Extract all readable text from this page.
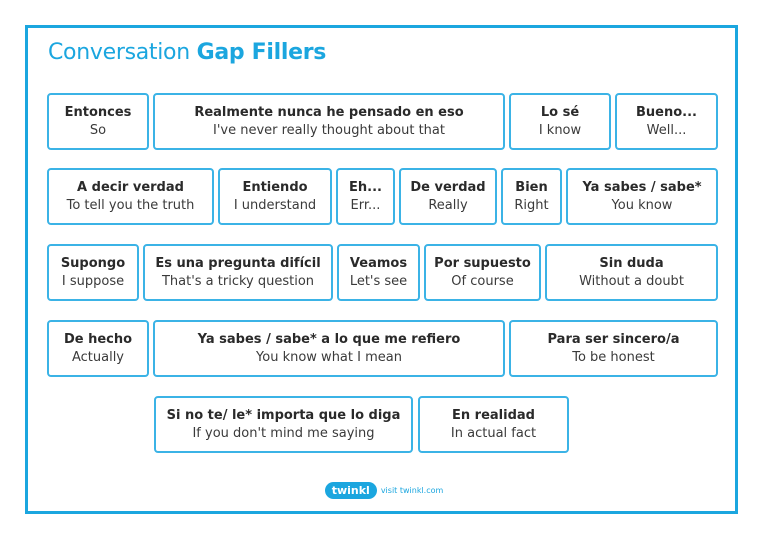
Conversation Gap Fillers
Entonces
So
Realmente nunca he pensado en eso
I've never really thought about that
Lo sé
I know
Bueno...
Well...
A decir verdad
To tell you the truth
Entiendo
I understand
Eh...
Err...
De verdad
Really
Bien
Right
Ya sabes / sabe*
You know
Supongo
I suppose
Es una pregunta difícil
That's a tricky question
Veamos
Let's see
Por supuesto
Of course
Sin duda
Without a doubt
De hecho
Actually
Ya sabes / sabe* a lo que me refiero
You know what I mean
Para ser sincero/a
To be honest
Si no te/ le* importa que lo diga
If you don't mind me saying
En realidad
In actual fact
twinkl	visit twinkl.com
